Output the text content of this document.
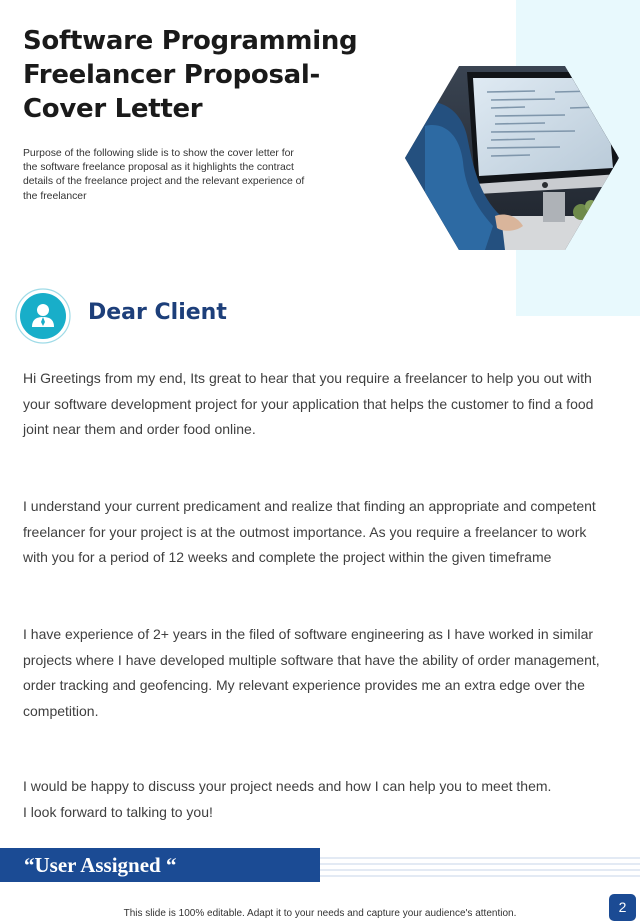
Software Programming Freelancer Proposal- Cover Letter

Purpose of the following slide is to show the cover letter for the software freelance proposal as it highlights the contract details of the freelance project and the relevant experience of the freelancer

Dear Client

Hi Greetings from my end, Its great to hear that you require a freelancer to help you out with your software development project for your application that helps the customer to find a food joint near them and order food online.

I understand your current predicament and realize that finding an appropriate and competent freelancer for your project is at the outmost importance. As you require a freelancer to work with you for a period of 12 weeks and complete the project within the given timeframe

I have experience of 2+ years in the filed of software engineering as I have worked in similar projects where I have developed multiple software that have the ability of order management, order tracking and geofencing. My relevant experience provides me an extra edge over the competition.

I would be happy to discuss your project needs and how I can help you to meet them.
I look forward to talking to you!

“User Assigned “

This slide is 100% editable. Adapt it to your needs and capture your audience's attention.	2
